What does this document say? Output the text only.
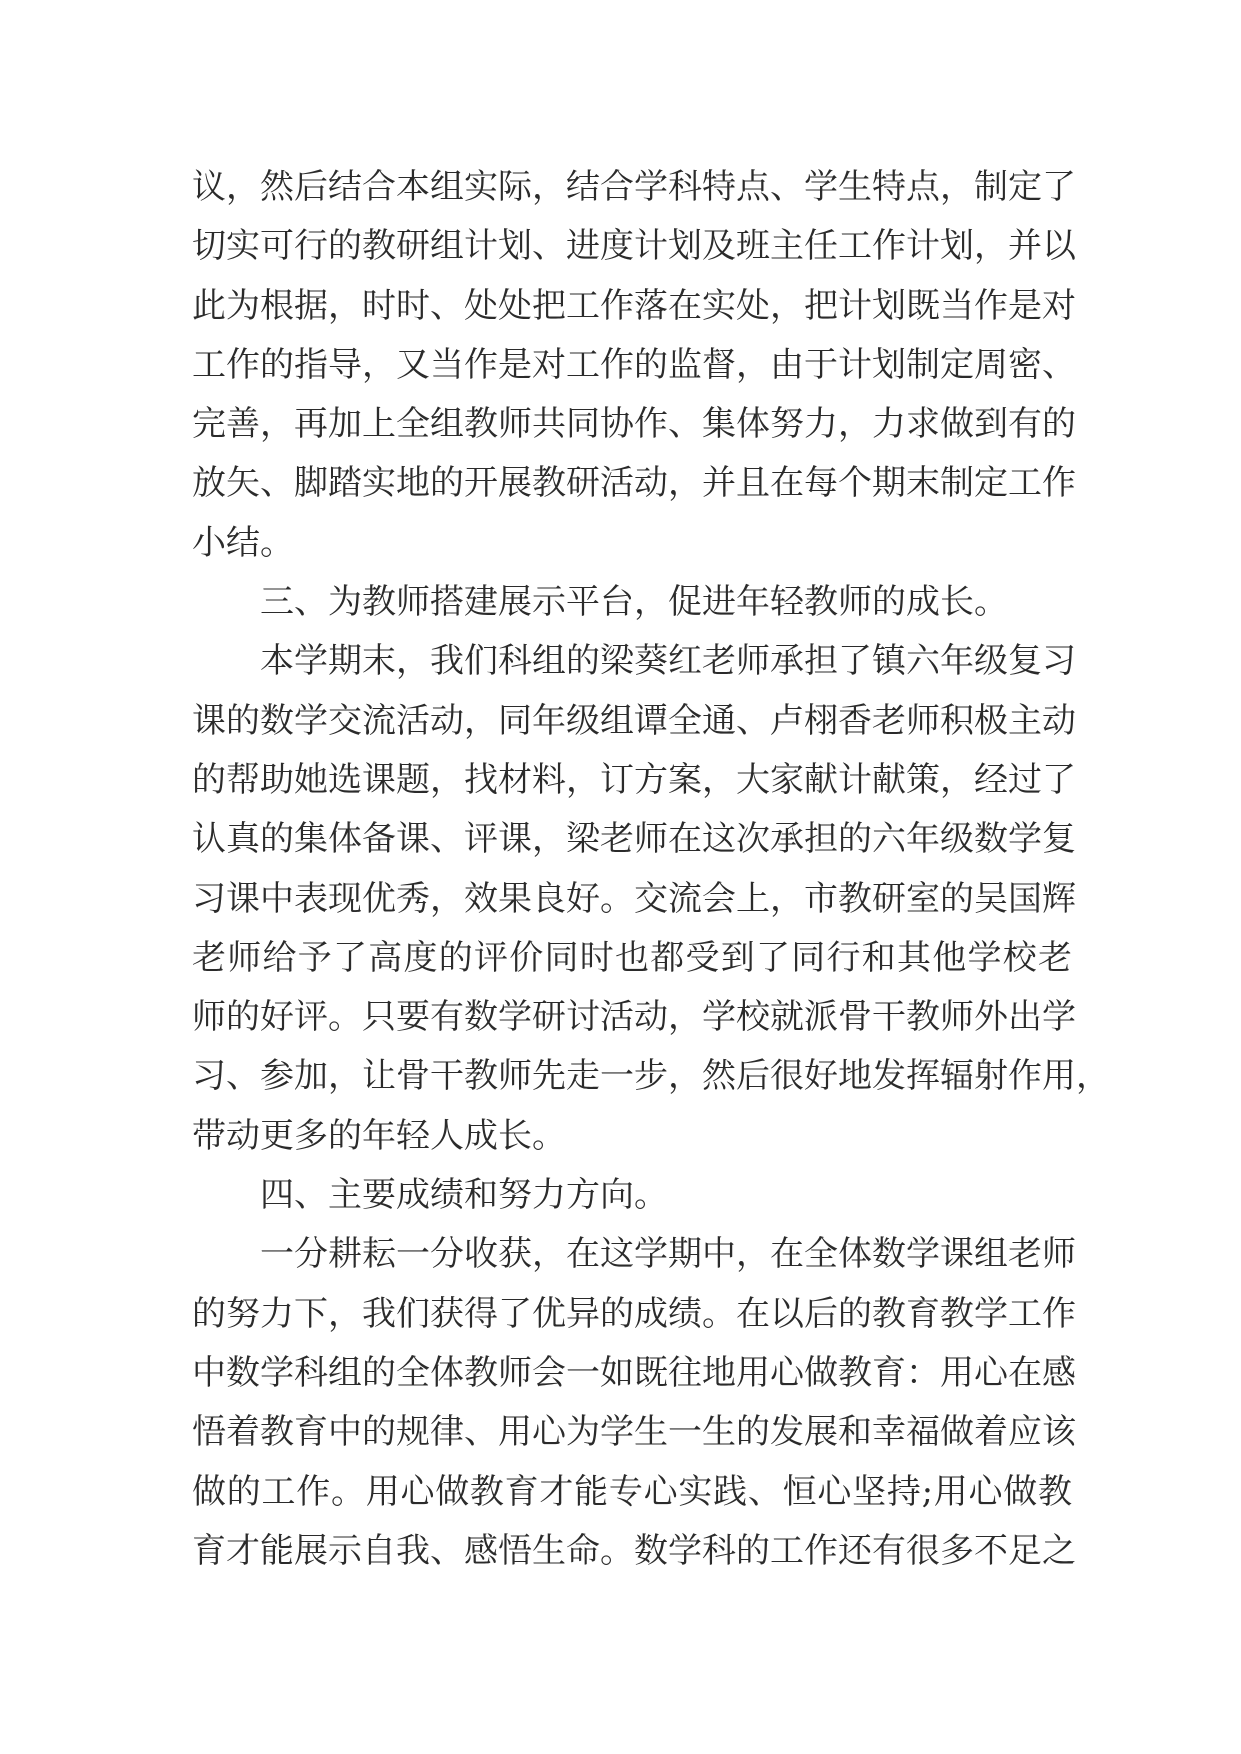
议，然后结合本组实际，结合学科特点、学生特点，制定了
切实可行的教研组计划、进度计划及班主任工作计划，并以
此为根据，时时、处处把工作落在实处，把计划既当作是对
工作的指导，又当作是对工作的监督，由于计划制定周密、
完善，再加上全组教师共同协作、集体努力，力求做到有的
放矢、脚踏实地的开展教研活动，并且在每个期末制定工作
小结。
三、为教师搭建展示平台，促进年轻教师的成长。
本学期末，我们科组的梁葵红老师承担了镇六年级复习
课的数学交流活动，同年级组谭全通、卢栩香老师积极主动
的帮助她选课题，找材料，订方案，大家献计献策，经过了
认真的集体备课、评课，梁老师在这次承担的六年级数学复
习课中表现优秀，效果良好。交流会上，市教研室的吴国辉
老师给予了高度的评价同时也都受到了同行和其他学校老
师的好评。只要有数学研讨活动，学校就派骨干教师外出学
习、参加，让骨干教师先走一步，然后很好地发挥辐射作用，
带动更多的年轻人成长。
四、主要成绩和努力方向。
一分耕耘一分收获，在这学期中，在全体数学课组老师
的努力下，我们获得了优异的成绩。在以后的教育教学工作
中数学科组的全体教师会一如既往地用心做教育：用心在感
悟着教育中的规律、用心为学生一生的发展和幸福做着应该
做的工作。用心做教育才能专心实践、恒心坚持;用心做教
育才能展示自我、感悟生命。数学科的工作还有很多不足之
